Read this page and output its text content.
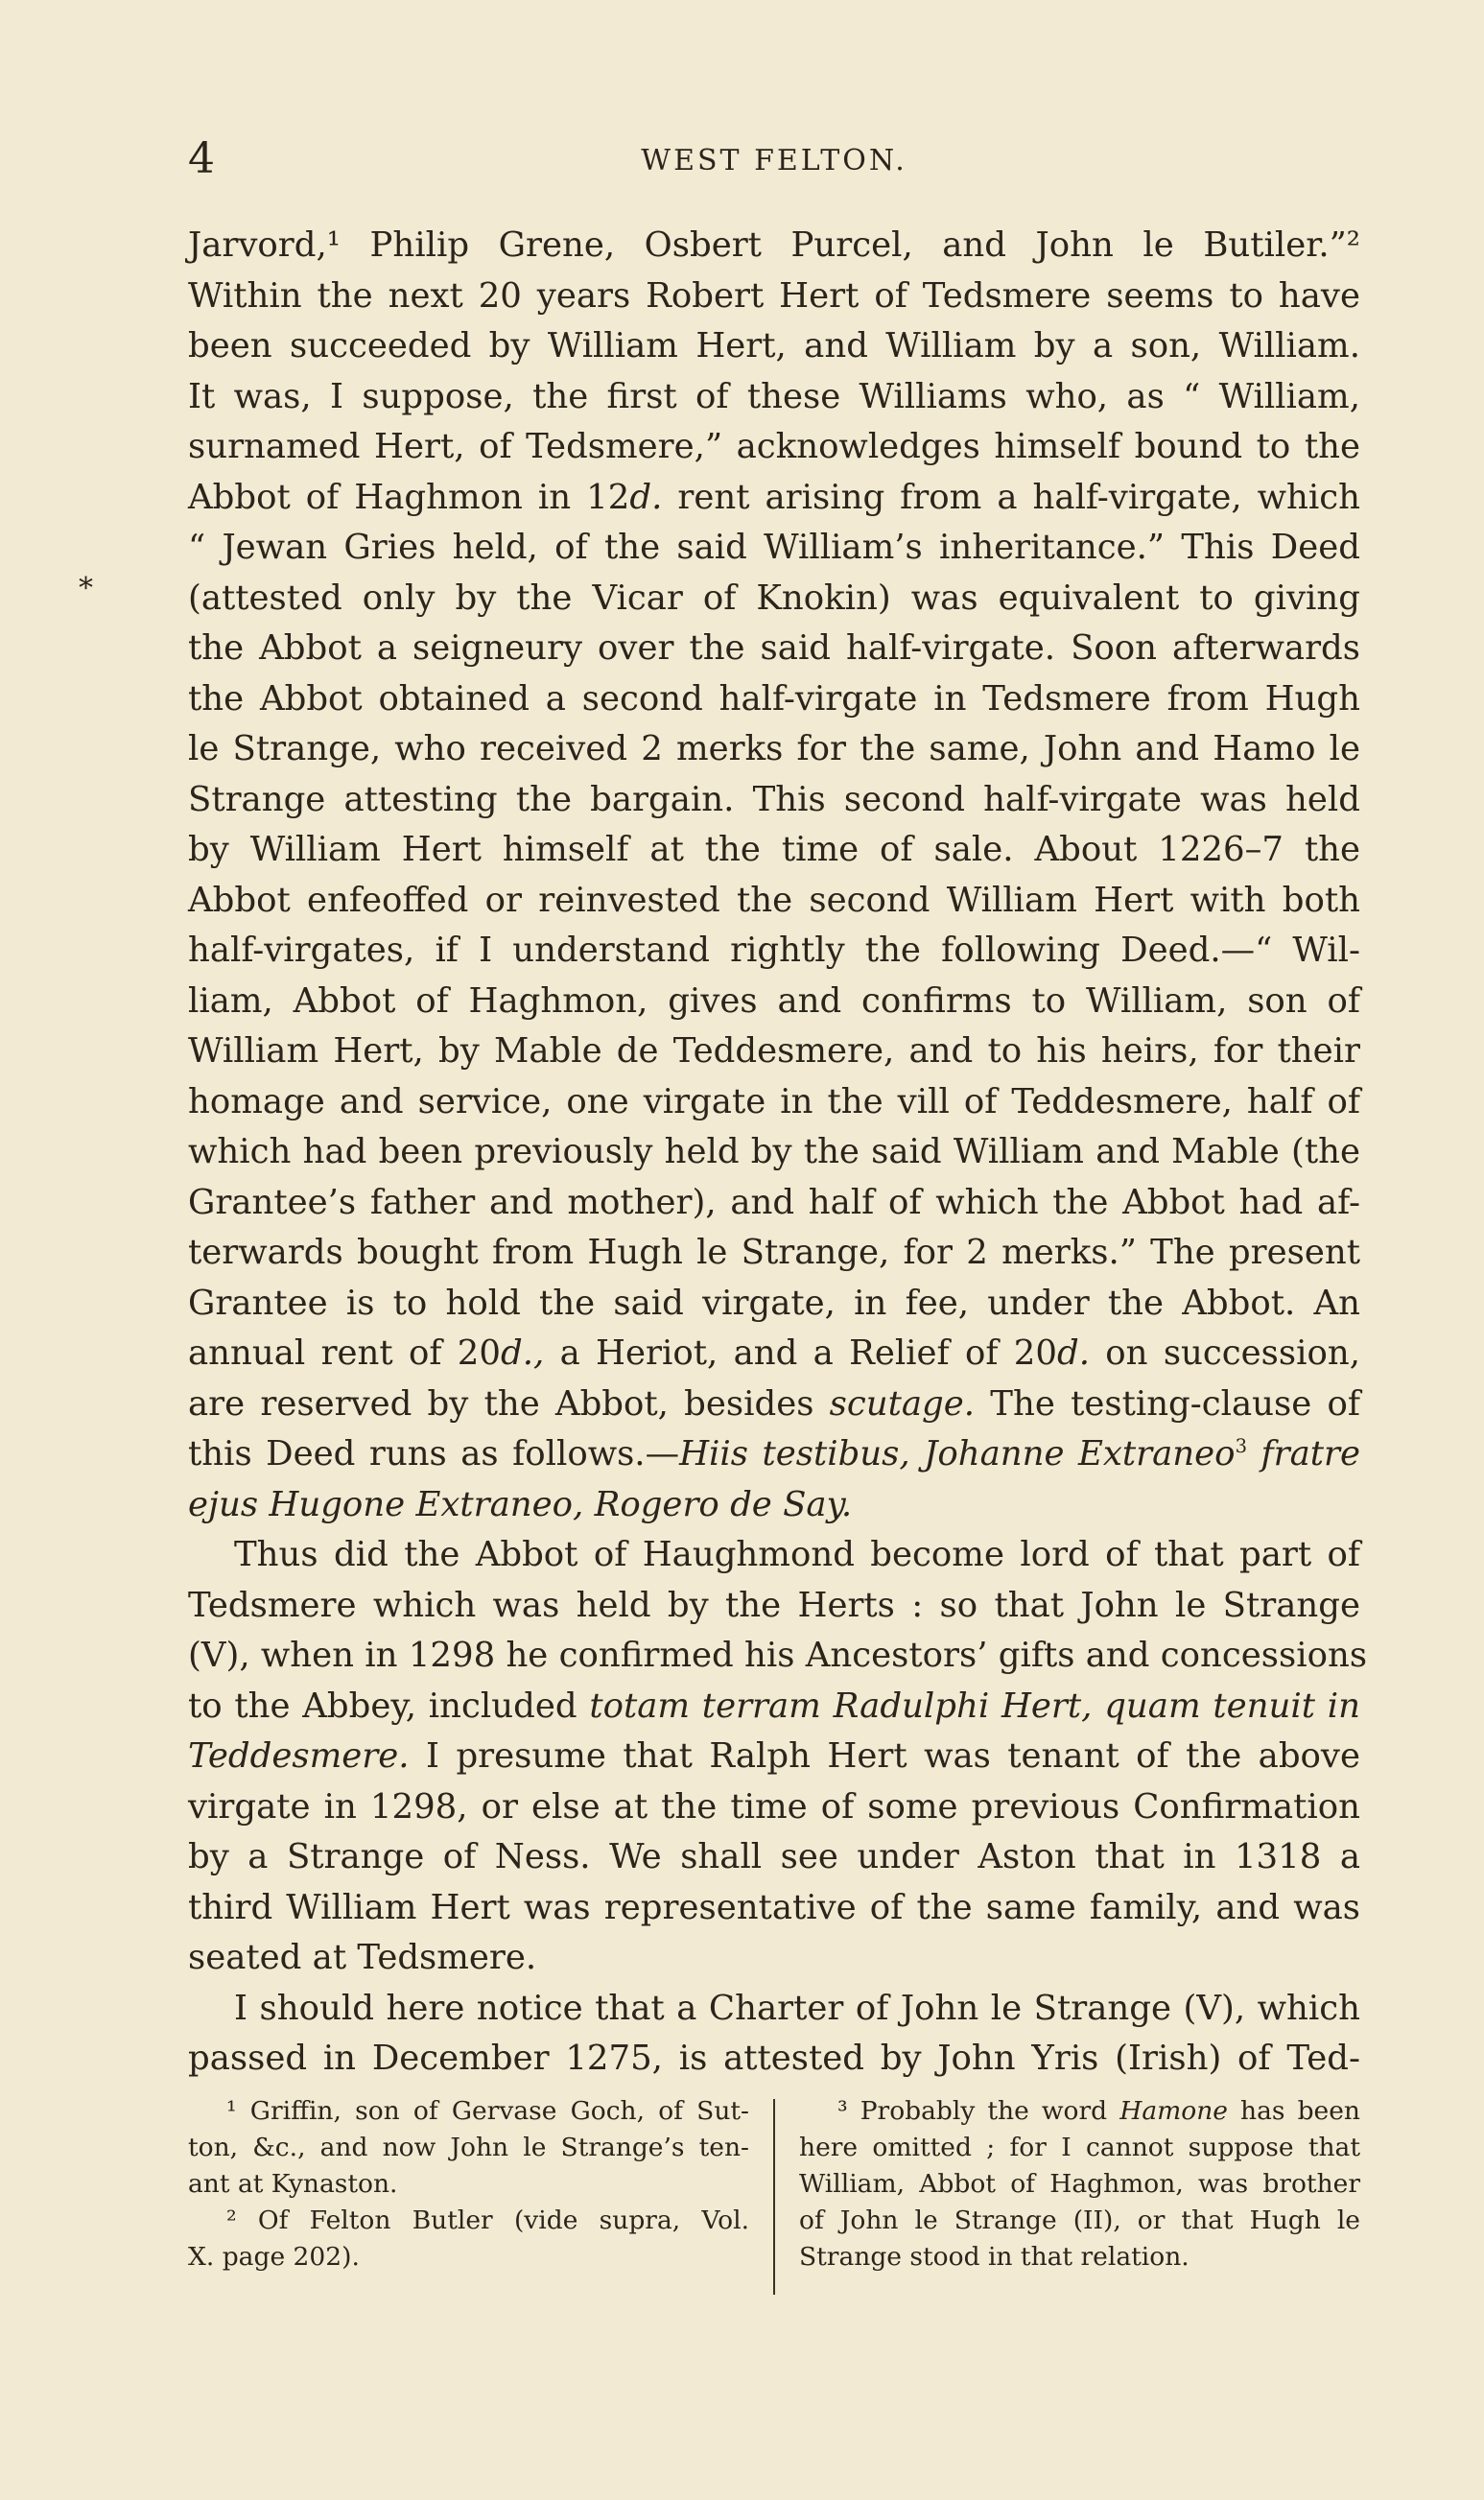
4	WEST FELTON.
*
Jarvord,¹ Philip Grene, Osbert Purcel, and John le Butiler.”²
Within the next 20 years Robert Hert of Tedsmere seems to have
been succeeded by William Hert, and William by a son, William.
It was, I suppose, the first of these Williams who, as “ William,
surnamed Hert, of Tedsmere,” acknowledges himself bound to the
Abbot of Haghmon in 12d. rent arising from a half-virgate, which
“ Jewan Gries held, of the said William’s inheritance.” This Deed
(attested only by the Vicar of Knokin) was equivalent to giving
the Abbot a seigneury over the said half-virgate. Soon afterwards
the Abbot obtained a second half-virgate in Tedsmere from Hugh
le Strange, who received 2 merks for the same, John and Hamo le
Strange attesting the bargain. This second half-virgate was held
by William Hert himself at the time of sale. About 1226–7 the
Abbot enfeoffed or reinvested the second William Hert with both
half-virgates, if I understand rightly the following Deed.—“ Wil-
liam, Abbot of Haghmon, gives and confirms to William, son of
William Hert, by Mable de Teddesmere, and to his heirs, for their
homage and service, one virgate in the vill of Teddesmere, half of
which had been previously held by the said William and Mable (the
Grantee’s father and mother), and half of which the Abbot had af-
terwards bought from Hugh le Strange, for 2 merks.” The present
Grantee is to hold the said virgate, in fee, under the Abbot. An
annual rent of 20d., a Heriot, and a Relief of 20d. on succession,
are reserved by the Abbot, besides scutage. The testing-clause of
this Deed runs as follows.—Hiis testibus, Johanne Extraneo$^3$ fratre
ejus Hugone Extraneo, Rogero de Say.
Thus did the Abbot of Haughmond become lord of that part of
Tedsmere which was held by the Herts : so that John le Strange
(V), when in 1298 he confirmed his Ancestors’ gifts and concessions
to the Abbey, included totam terram Radulphi Hert, quam tenuit in
Teddesmere. I presume that Ralph Hert was tenant of the above
virgate in 1298, or else at the time of some previous Confirmation
by a Strange of Ness. We shall see under Aston that in 1318 a
third William Hert was representative of the same family, and was
seated at Tedsmere.
I should here notice that a Charter of John le Strange (V), which
passed in December 1275, is attested by John Yris (Irish) of Ted-
¹ Griffin, son of Gervase Goch, of Sut-
ton, &c., and now John le Strange’s ten-
ant at Kynaston.
² Of Felton Butler (vide supra, Vol.
X. page 202).
³ Probably the word Hamone has been
here omitted ; for I cannot suppose that
William, Abbot of Haghmon, was brother
of John le Strange (II), or that Hugh le
Strange stood in that relation.
